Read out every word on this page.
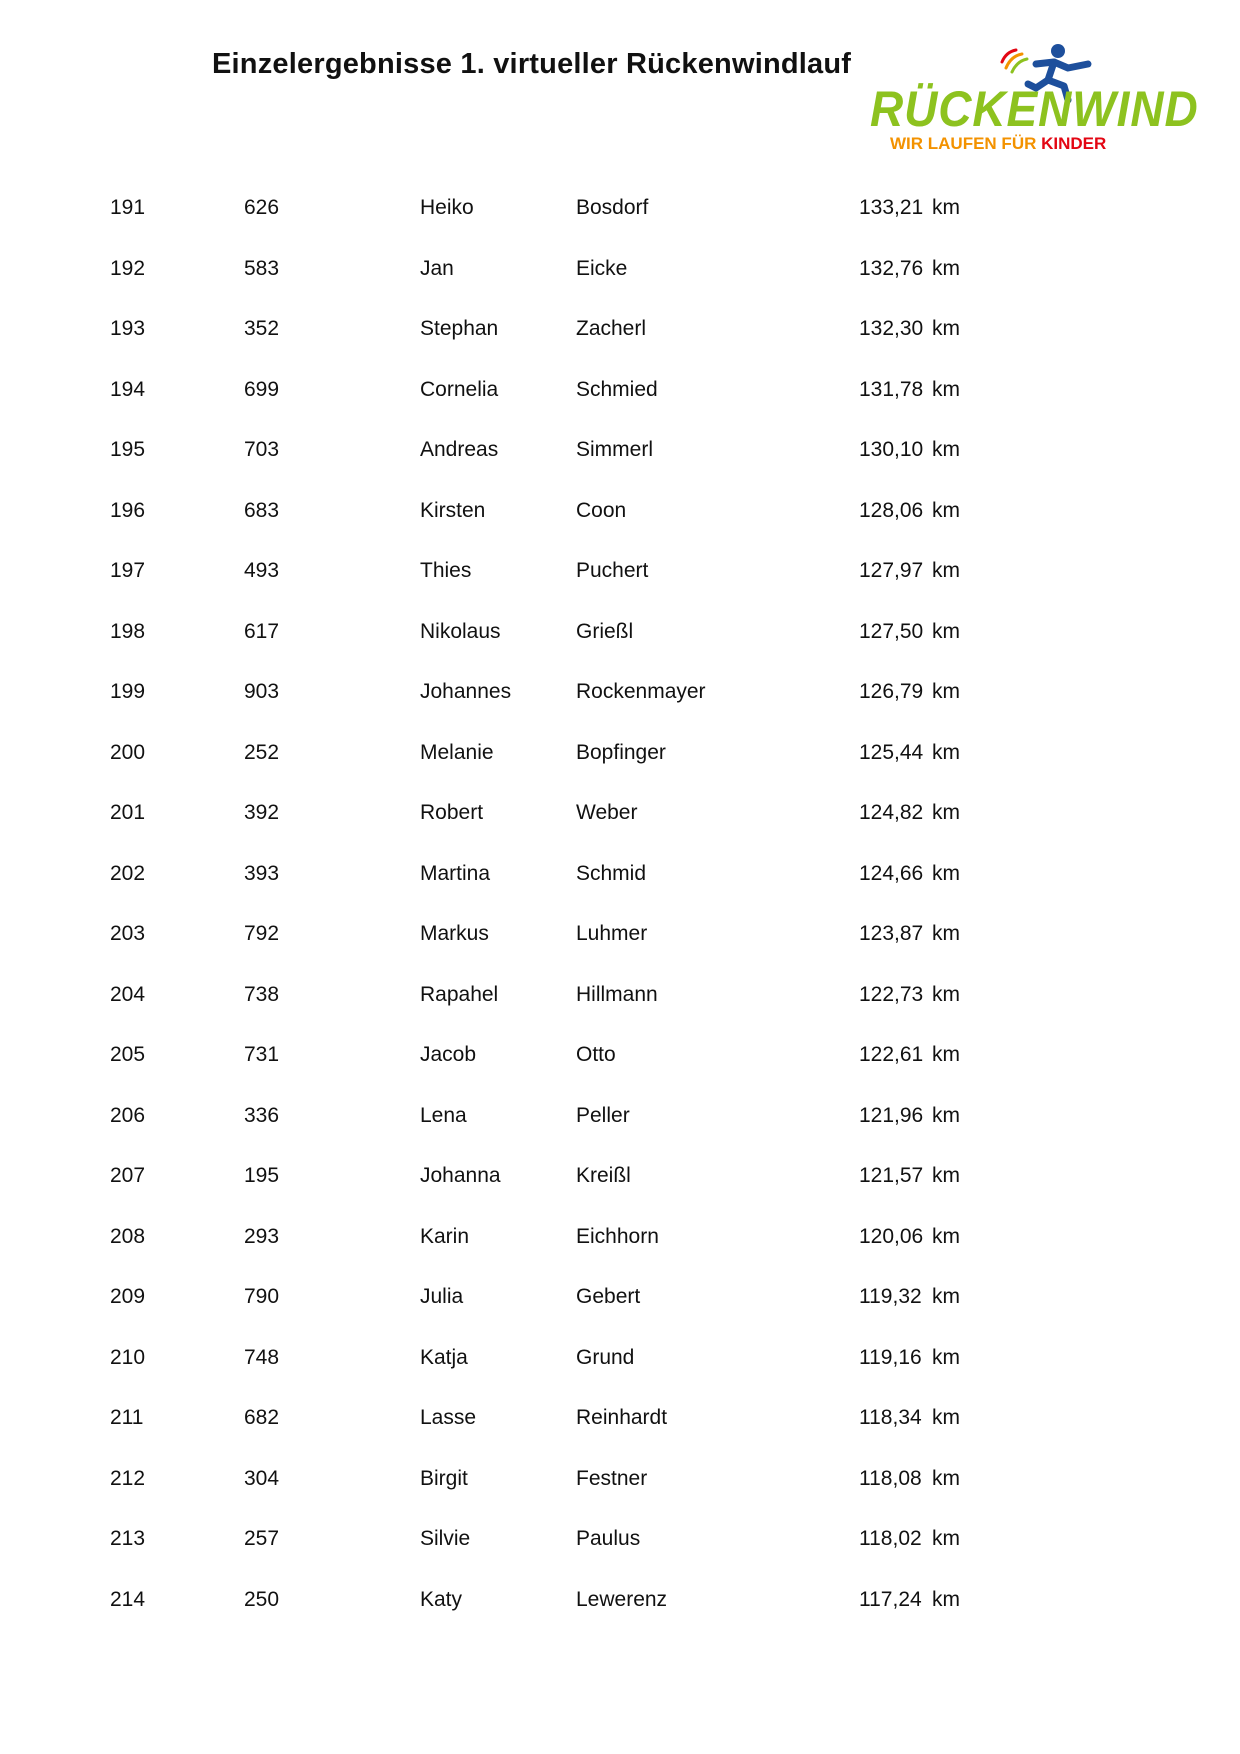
Einzelergebnisse 1. virtueller Rückenwindlauf
RÜCKENWIND
WIR LAUFEN FÜR KINDER
191	626	Heiko	Bosdorf	133,21 km
192	583	Jan	Eicke	132,76 km
193	352	Stephan	Zacherl	132,30 km
194	699	Cornelia	Schmied	131,78 km
195	703	Andreas	Simmerl	130,10 km
196	683	Kirsten	Coon	128,06 km
197	493	Thies	Puchert	127,97 km
198	617	Nikolaus	Grießl	127,50 km
199	903	Johannes	Rockenmayer	126,79 km
200	252	Melanie	Bopfinger	125,44 km
201	392	Robert	Weber	124,82 km
202	393	Martina	Schmid	124,66 km
203	792	Markus	Luhmer	123,87 km
204	738	Rapahel	Hillmann	122,73 km
205	731	Jacob	Otto	122,61 km
206	336	Lena	Peller	121,96 km
207	195	Johanna	Kreißl	121,57 km
208	293	Karin	Eichhorn	120,06 km
209	790	Julia	Gebert	119,32 km
210	748	Katja	Grund	119,16 km
211	682	Lasse	Reinhardt	118,34 km
212	304	Birgit	Festner	118,08 km
213	257	Silvie	Paulus	118,02 km
214	250	Katy	Lewerenz	117,24 km
